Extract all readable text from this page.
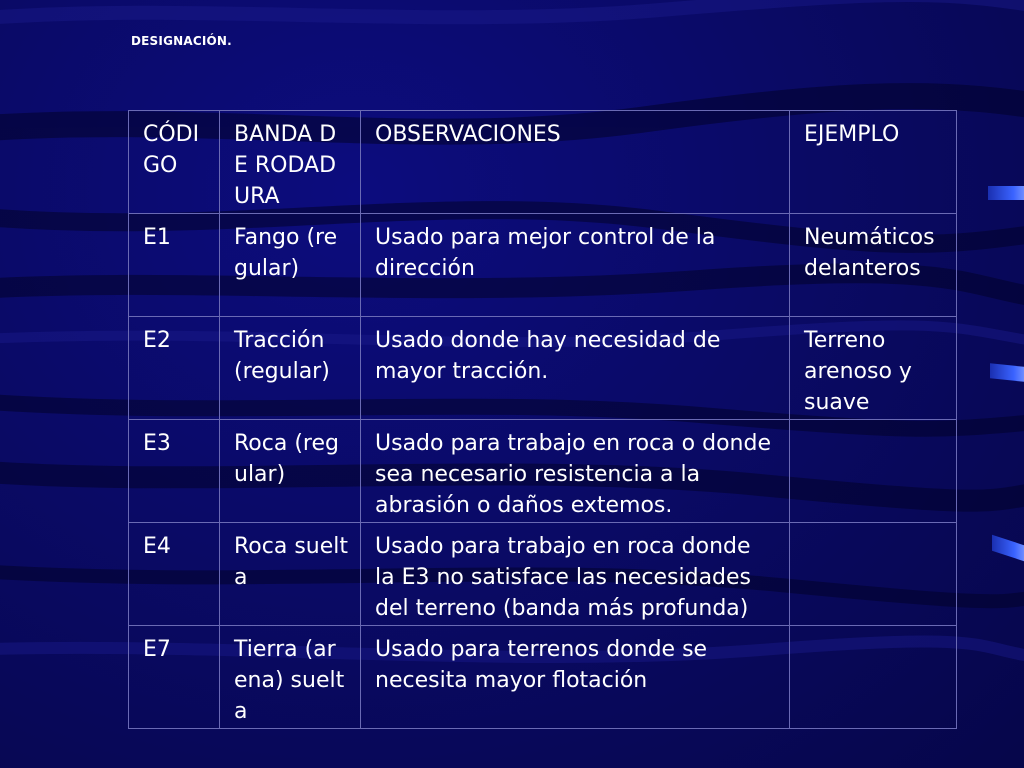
DESIGNACIÓN.
CÓDIGO	BANDA DE RODADURA	OBSERVACIONES	EJEMPLO
E1	Fango (regular)	Usado para mejor control de la dirección	Neumáticos delanteros
E2	Tracción (regular)	Usado donde hay necesidad de mayor tracción.	Terreno arenoso y suave
E3	Roca (regular)	Usado para trabajo en roca o donde sea necesario resistencia a la abrasión o daños extemos.	
E4	Roca suelta	Usado para trabajo en roca donde la E3 no satisface las necesidades del terreno (banda más profunda)	
E7	Tierra (arena) suelta	Usado para terrenos donde se necesita mayor flotación	
